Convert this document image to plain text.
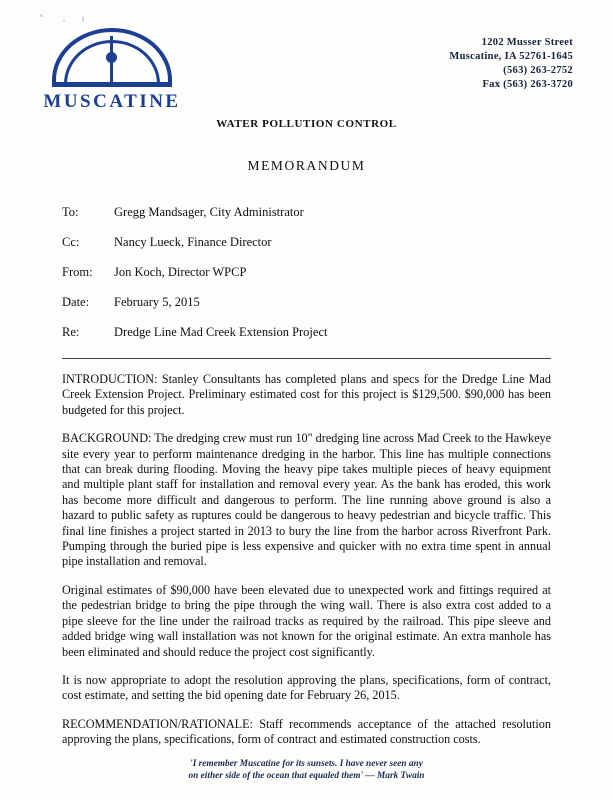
MUSCATINE
1202 Musser Street
Muscatine, IA 52761-1645
(563) 263-2752
Fax (563) 263-3720
WATER POLLUTION CONTROL
MEMORANDUM
To:	Gregg Mandsager, City Administrator
Cc:	Nancy Lueck, Finance Director
From:	Jon Koch, Director WPCP
Date:	February 5, 2015
Re:	Dredge Line Mad Creek Extension Project

INTRODUCTION: Stanley Consultants has completed plans and specs for the Dredge Line Mad Creek Extension Project. Preliminary estimated cost for this project is $129,500. $90,000 has been budgeted for this project.

BACKGROUND: The dredging crew must run 10" dredging line across Mad Creek to the Hawkeye site every year to perform maintenance dredging in the harbor. This line has multiple connections that can break during flooding. Moving the heavy pipe takes multiple pieces of heavy equipment and multiple plant staff for installation and removal every year. As the bank has eroded, this work has become more difficult and dangerous to perform. The line running above ground is also a hazard to public safety as ruptures could be dangerous to heavy pedestrian and bicycle traffic. This final line finishes a project started in 2013 to bury the line from the harbor across Riverfront Park. Pumping through the buried pipe is less expensive and quicker with no extra time spent in annual pipe installation and removal.

Original estimates of $90,000 have been elevated due to unexpected work and fittings required at the pedestrian bridge to bring the pipe through the wing wall. There is also extra cost added to a pipe sleeve for the line under the railroad tracks as required by the railroad. This pipe sleeve and added bridge wing wall installation was not known for the original estimate. An extra manhole has been eliminated and should reduce the project cost significantly.

It is now appropriate to adopt the resolution approving the plans, specifications, form of contract, cost estimate, and setting the bid opening date for February 26, 2015.

RECOMMENDATION/RATIONALE: Staff recommends acceptance of the attached resolution approving the plans, specifications, form of contract and estimated construction costs.

'I remember Muscatine for its sunsets. I have never seen any
on either side of the ocean that equaled them' — Mark Twain
